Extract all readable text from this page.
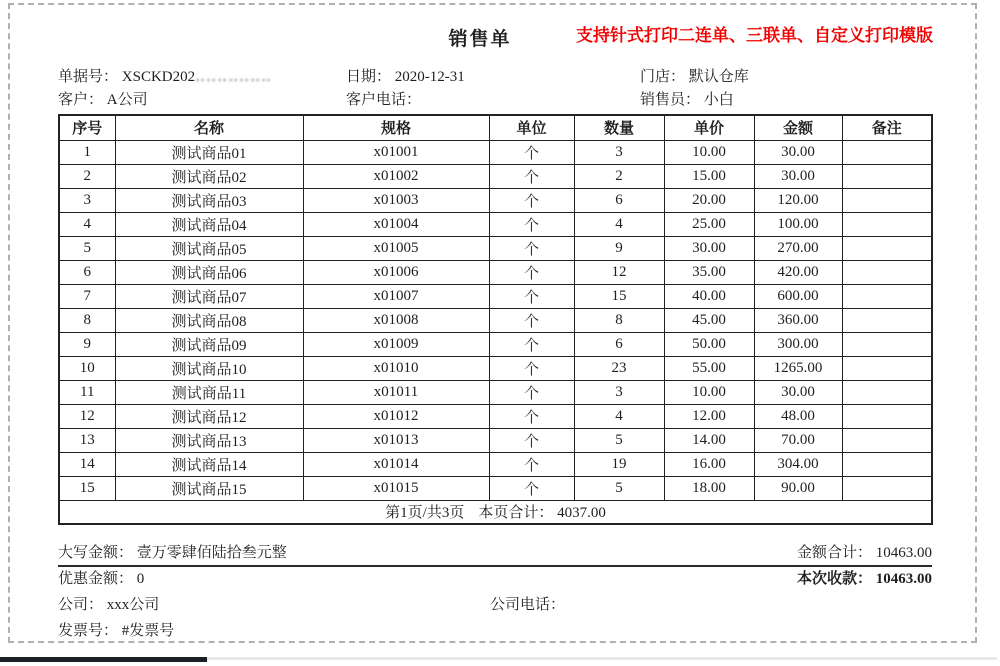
销售单	支持针式打印二连单、三联单、自定义打印模版
单据号： XSCKD202‥‥‥‥‥‥‥	日期： 2020-12-31	门店： 默认仓库
客户： A公司	客户电话：	销售员： 小白
序号	名称	规格	单位	数量	单价	金额	备注
1	测试商品01	x01001	个	3	10.00	30.00	
2	测试商品02	x01002	个	2	15.00	30.00	
3	测试商品03	x01003	个	6	20.00	120.00	
4	测试商品04	x01004	个	4	25.00	100.00	
5	测试商品05	x01005	个	9	30.00	270.00	
6	测试商品06	x01006	个	12	35.00	420.00	
7	测试商品07	x01007	个	15	40.00	600.00	
8	测试商品08	x01008	个	8	45.00	360.00	
9	测试商品09	x01009	个	6	50.00	300.00	
10	测试商品10	x01010	个	23	55.00	1265.00	
11	测试商品11	x01011	个	3	10.00	30.00	
12	测试商品12	x01012	个	4	12.00	48.00	
13	测试商品13	x01013	个	5	14.00	70.00	
14	测试商品14	x01014	个	19	16.00	304.00	
15	测试商品15	x01015	个	5	18.00	90.00	
第1页/共3页 本页合计： 4037.00							
大写金额： 壹万零肆佰陆拾叁元整	金额合计： 10463.00
优惠金额： 0	本次收款： 10463.00
公司： xxx公司	公司电话：
发票号： #发票号
